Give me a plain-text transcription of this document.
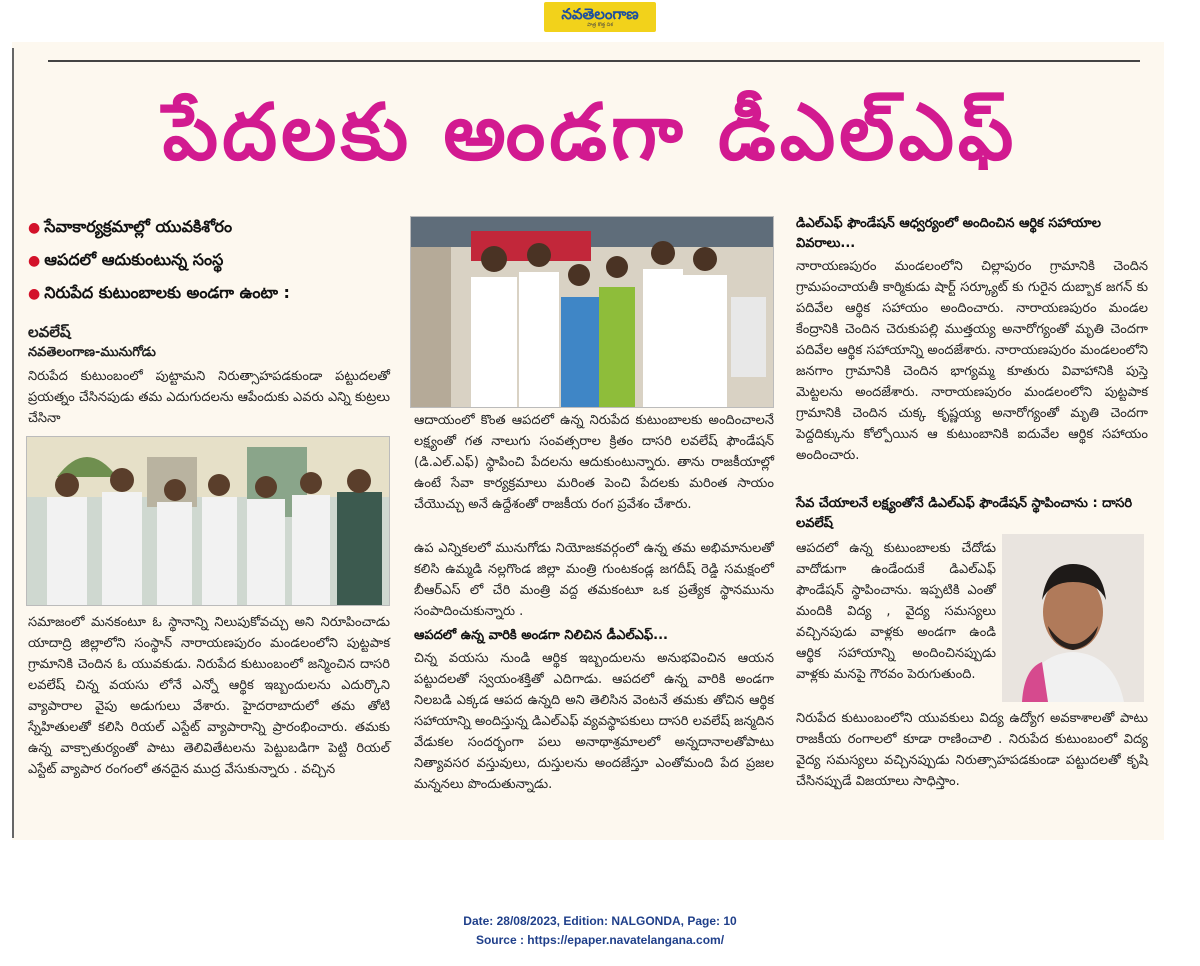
నవతెలంగాణ
పాత్ర కొత్త దిశ
పేదలకు అండగా డీఎల్ఎఫ్
● సేవాకార్యక్రమాల్లో యువకిశోరం
● ఆపదలో ఆదుకుంటున్న సంస్థ
● నిరుపేద కుటుంబాలకు అండగా ఉంటా :
లవలేష్
నవతెలంగాణ-మునుగోడు
నిరుపేద కుటుంబంలో పుట్టామని నిరుత్సాహపడకుండా పట్టుదలతో ప్రయత్నం చేసినపుడు తమ ఎదుగుదలను ఆపేందుకు ఎవరు ఎన్ని కుట్రలు చేసినా
సమాజంలో మనకంటూ ఓ స్థానాన్ని నిలుపుకోవచ్చు అని నిరూపించాడు యాదాద్రి జిల్లాలోని సంస్థాన్ నారాయణపురం మండలంలోని పుట్టపాక గ్రామానికి చెందిన ఓ యువకుడు. నిరుపేద కుటుంబంలో జన్మించిన దాసరి లవలేష్ చిన్న వయసు లోనే ఎన్నో ఆర్థిక ఇబ్బందులను ఎదుర్కొని వ్యాపారాల వైపు అడుగులు వేశారు. హైదరాబాదులో తమ తోటి స్నేహితులతో కలిసి రియల్ ఎస్టేట్ వ్యాపారాన్ని ప్రారంభించారు. తమకు ఉన్న వాక్చాతుర్యంతో పాటు తెలివితేటలను పెట్టుబడిగా పెట్టి రియల్ ఎస్టేట్ వ్యాపార రంగంలో తనదైన ముద్ర వేసుకున్నారు . వచ్చిన
ఆదాయంలో కొంత ఆపదలో ఉన్న నిరుపేద కుటుంబాలకు అందించాలనే లక్ష్యంతో గత నాలుగు సంవత్సరాల క్రితం దాసరి లవలేష్ ఫౌండేషన్ (డి.ఎల్.ఎఫ్) స్థాపించి పేదలను ఆదుకుంటున్నారు. తాను రాజకీయాల్లో ఉంటే సేవా కార్యక్రమాలు మరింత పెంచి పేదలకు మరింత సాయం చేయొచ్చు అనే ఉద్దేశంతో రాజకీయ రంగ ప్రవేశం చేశారు.
ఉప ఎన్నికలలో మునుగోడు నియోజకవర్గంలో ఉన్న తమ అభిమానులతో కలిసి ఉమ్మడి నల్లగొండ జిల్లా మంత్రి గుంటకండ్ల జగదీష్ రెడ్డి సమక్షంలో బీఆర్ఎస్ లో చేరి మంత్రి వద్ద తమకంటూ ఒక ప్రత్యేక స్థానమును సంపాదించుకున్నారు .
ఆపదలో ఉన్న వారికి అండగా నిలిచిన డీఎల్ఎఫ్...
చిన్న వయసు నుండి ఆర్థిక ఇబ్బందులను అనుభవించిన ఆయన పట్టుదలతో స్వయంశక్తితో ఎదిగాడు. ఆపదలో ఉన్న వారికి అండగా నిలబడి ఎక్కడ ఆపద ఉన్నది అని తెలిసిన వెంటనే తమకు తోచిన ఆర్థిక సహాయాన్ని అందిస్తున్న డిఎల్ఎఫ్ వ్యవస్థాపకులు దాసరి లవలేష్ జన్మదిన వేడుకల సందర్భంగా పలు అనాథాశ్రమాలలో అన్నదానాలతోపాటు నిత్యావసర వస్తువులు, దుస్తులను అందజేస్తూ ఎంతోమంది పేద ప్రజల మన్ననలు పొందుతున్నాడు.
డిఎల్ఎఫ్ ఫౌండేషన్ ఆధ్వర్యంలో అందించిన ఆర్థిక సహాయాల వివరాలు...
నారాయణపురం మండలంలోని చిల్లాపురం గ్రామానికి చెందిన గ్రామపంచాయతీ కార్మికుడు షార్ట్ సర్క్యూట్ కు గురైన దుబ్బాక జగన్ కు పదివేల ఆర్థిక సహాయం అందించారు. నారాయణపురం మండల కేంద్రానికి చెందిన చెరుకుపల్లి ముత్తయ్య అనారోగ్యంతో మృతి చెందగా పదివేల ఆర్థిక సహాయాన్ని అందజేశారు. నారాయణపురం మండలంలోని జనగాం గ్రామానికి చెందిన భాగ్యమ్మ కూతురు వివాహానికి పుస్తె మెట్టలను అందజేశారు. నారాయణపురం మండలంలోని పుట్టపాక గ్రామానికి చెందిన చుక్క కృష్ణయ్య అనారోగ్యంతో మృతి చెందగా పెద్దదిక్కును కోల్పోయిన ఆ కుటుంబానికి ఐదువేల ఆర్థిక సహాయం అందించారు.
సేవ చేయాలనే లక్ష్యంతోనే డిఎల్ఎఫ్ ఫౌండేషన్ స్థాపించాను : దాసరి లవలేష్
ఆపదలో ఉన్న కుటుంబాలకు చేదోడు వాదోడుగా ఉండేందుకే డిఎల్ఎఫ్ ఫౌండేషన్ స్థాపించాను. ఇప్పటికి ఎంతో మందికి విద్య , వైద్య సమస్యలు వచ్చినపుడు వాళ్లకు అండగా ఉండి ఆర్థిక సహాయాన్ని అందించినప్పుడు వాళ్లకు మనపై గౌరవం పెరుగుతుంది.
నిరుపేద కుటుంబంలోని యువకులు విద్య ఉద్యోగ అవకాశాలతో పాటు రాజకీయ రంగాలలో కూడా రాణించాలి . నిరుపేద కుటుంబంలో విద్య వైద్య సమస్యలు వచ్చినప్పుడు నిరుత్సాహపడకుండా పట్టుదలతో కృషి చేసినప్పుడే విజయాలు సాధిస్తాం.
Date: 28/08/2023, Edition: NALGONDA, Page: 10
Source : https://epaper.navatelangana.com/
